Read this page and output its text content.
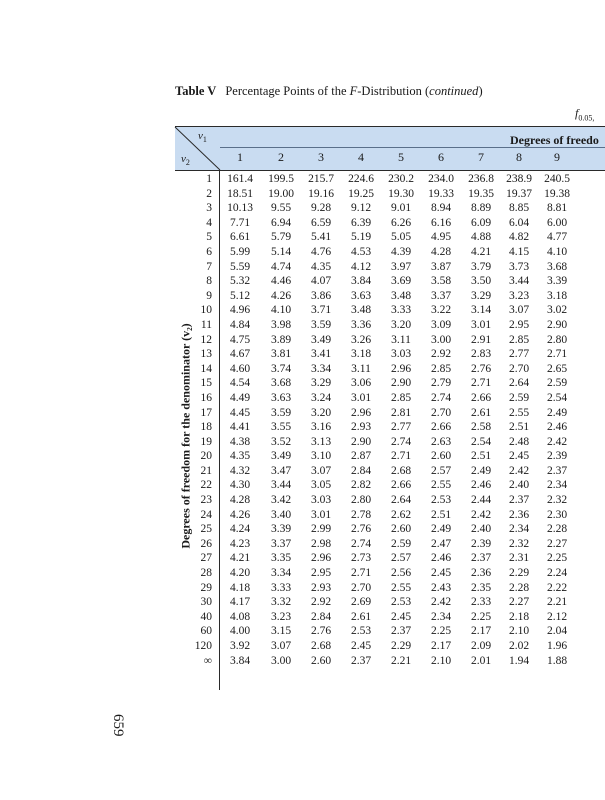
Table V Percentage Points of the F-Distribution (continued)
$f_{0.05,}$
659
Degrees of freedom for the denominator (v₂)
$v_1$
$v_2$
Degrees of freedo
1	2	3	4	5	6	7	8	9
1	161.4	199.5	215.7	224.6	230.2	234.0	236.8	238.9	240.5
2	18.51	19.00	19.16	19.25	19.30	19.33	19.35	19.37	19.38
3	10.13	9.55	9.28	9.12	9.01	8.94	8.89	8.85	8.81
4	7.71	6.94	6.59	6.39	6.26	6.16	6.09	6.04	6.00
5	6.61	5.79	5.41	5.19	5.05	4.95	4.88	4.82	4.77
6	5.99	5.14	4.76	4.53	4.39	4.28	4.21	4.15	4.10
7	5.59	4.74	4.35	4.12	3.97	3.87	3.79	3.73	3.68
8	5.32	4.46	4.07	3.84	3.69	3.58	3.50	3.44	3.39
9	5.12	4.26	3.86	3.63	3.48	3.37	3.29	3.23	3.18
10	4.96	4.10	3.71	3.48	3.33	3.22	3.14	3.07	3.02
11	4.84	3.98	3.59	3.36	3.20	3.09	3.01	2.95	2.90
12	4.75	3.89	3.49	3.26	3.11	3.00	2.91	2.85	2.80
13	4.67	3.81	3.41	3.18	3.03	2.92	2.83	2.77	2.71
14	4.60	3.74	3.34	3.11	2.96	2.85	2.76	2.70	2.65
15	4.54	3.68	3.29	3.06	2.90	2.79	2.71	2.64	2.59
16	4.49	3.63	3.24	3.01	2.85	2.74	2.66	2.59	2.54
17	4.45	3.59	3.20	2.96	2.81	2.70	2.61	2.55	2.49
18	4.41	3.55	3.16	2.93	2.77	2.66	2.58	2.51	2.46
19	4.38	3.52	3.13	2.90	2.74	2.63	2.54	2.48	2.42
20	4.35	3.49	3.10	2.87	2.71	2.60	2.51	2.45	2.39
21	4.32	3.47	3.07	2.84	2.68	2.57	2.49	2.42	2.37
22	4.30	3.44	3.05	2.82	2.66	2.55	2.46	2.40	2.34
23	4.28	3.42	3.03	2.80	2.64	2.53	2.44	2.37	2.32
24	4.26	3.40	3.01	2.78	2.62	2.51	2.42	2.36	2.30
25	4.24	3.39	2.99	2.76	2.60	2.49	2.40	2.34	2.28
26	4.23	3.37	2.98	2.74	2.59	2.47	2.39	2.32	2.27
27	4.21	3.35	2.96	2.73	2.57	2.46	2.37	2.31	2.25
28	4.20	3.34	2.95	2.71	2.56	2.45	2.36	2.29	2.24
29	4.18	3.33	2.93	2.70	2.55	2.43	2.35	2.28	2.22
30	4.17	3.32	2.92	2.69	2.53	2.42	2.33	2.27	2.21
40	4.08	3.23	2.84	2.61	2.45	2.34	2.25	2.18	2.12
60	4.00	3.15	2.76	2.53	2.37	2.25	2.17	2.10	2.04
120	3.92	3.07	2.68	2.45	2.29	2.17	2.09	2.02	1.96
∞	3.84	3.00	2.60	2.37	2.21	2.10	2.01	1.94	1.88
